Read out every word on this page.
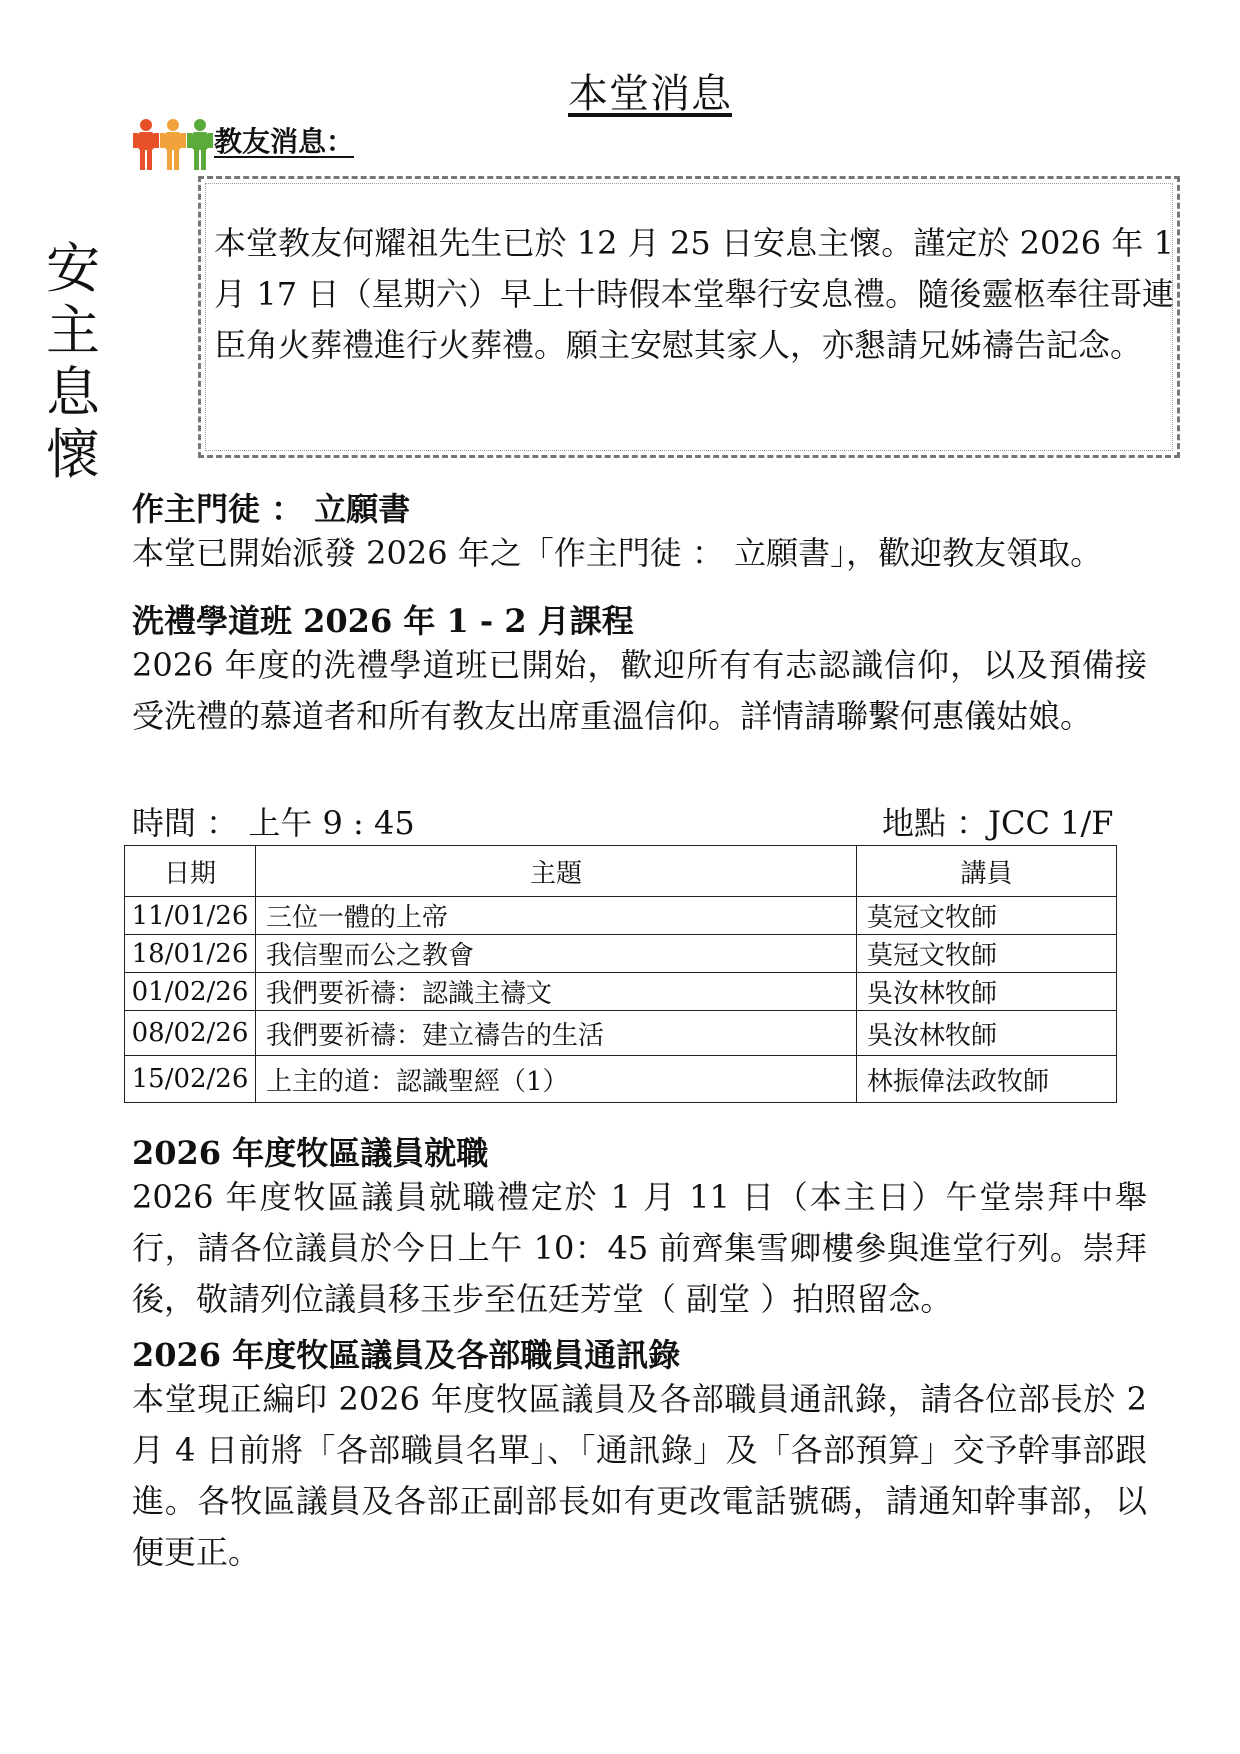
本堂消息
教友消息：
安主
息懷
本堂教友何耀祖先生已於 12 月 25 日安息主懷。謹定於 2026 年 1 月 17 日（星期六）早上十時假本堂舉行安息禮。隨後靈柩奉往哥連臣角火葬禮進行火葬禮。願主安慰其家人，亦懇請兄姊禱告記念。
作主門徒 ： 立願書
本堂已開始派發 2026 年之「作主門徒 ： 立願書」，歡迎教友領取。
洗禮學道班 2026 年 1 - 2 月課程
2026 年度的洗禮學道班已開始，歡迎所有有志認識信仰，以及預備接受洗禮的慕道者和所有教友出席重溫信仰。詳情請聯繫何惠儀姑娘。
時間 ： 上午 9 : 45	地點 ：JCC 1/F
日期	主題	講員
11/01/26	三位一體的上帝	莫冠文牧師
18/01/26	我信聖而公之教會	莫冠文牧師
01/02/26	我們要祈禱：認識主禱文	吳汝林牧師
08/02/26	我們要祈禱：建立禱告的生活	吳汝林牧師
15/02/26	上主的道：認識聖經（1）	林振偉法政牧師
2026 年度牧區議員就職
2026 年度牧區議員就職禮定於 1 月 11 日（本主日）午堂崇拜中舉行，請各位議員於今日上午 10：45 前齊集雪卿樓參與進堂行列。崇拜後，敬請列位議員移玉步至伍廷芳堂（ 副堂 ）拍照留念。
2026 年度牧區議員及各部職員通訊錄
本堂現正編印 2026 年度牧區議員及各部職員通訊錄，請各位部長於 2 月 4 日前將「各部職員名單」、「通訊錄」及「各部預算」交予幹事部跟進。各牧區議員及各部正副部長如有更改電話號碼，請通知幹事部，以便更正。
